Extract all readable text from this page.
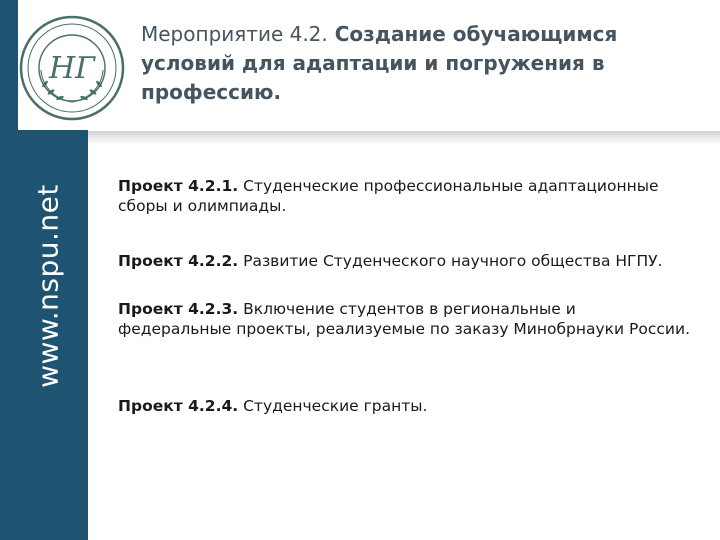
www.nspu.net
НГ
Мероприятие 4.2. Создание обучающимся условий для адаптации и погружения в профессию.

Проект 4.2.1. Студенческие профессиональные адаптационные сборы и олимпиады.

Проект 4.2.2. Развитие Студенческого научного общества НГПУ.

Проект 4.2.3. Включение студентов в региональные и федеральные проекты, реализуемые по заказу Минобрнауки России.

Проект 4.2.4. Студенческие гранты.
